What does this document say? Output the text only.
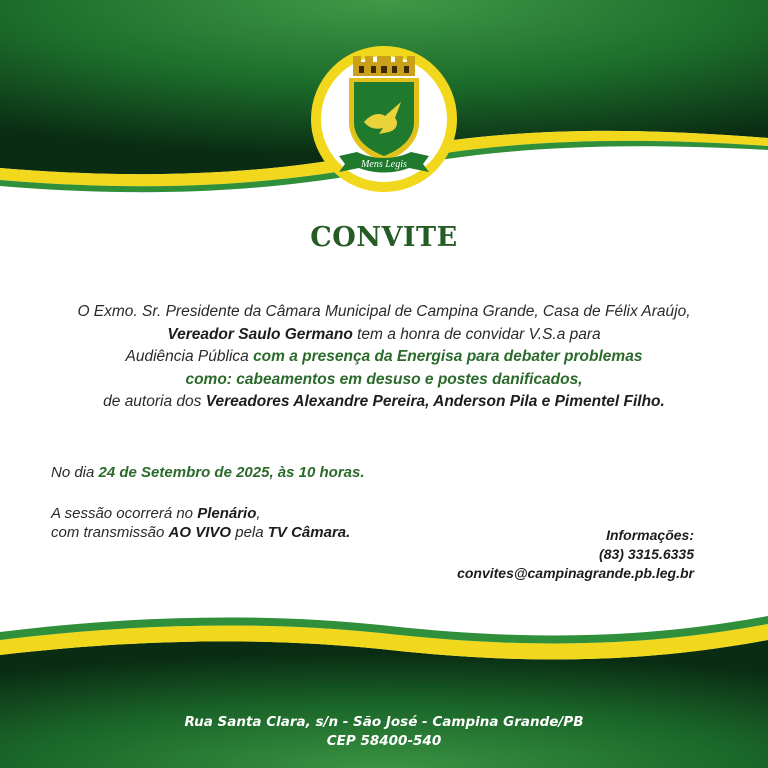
Mens Legis
CONVITE
O Exmo. Sr. Presidente da Câmara Municipal de Campina Grande, Casa de Félix Araújo,
Vereador Saulo Germano tem a honra de convidar V.S.a para
Audiência Pública com a presença da Energisa para debater problemas
como: cabeamentos em desuso e postes danificados,
de autoria dos Vereadores Alexandre Pereira, Anderson Pila e Pimentel Filho.
No dia 24 de Setembro de 2025, às 10 horas.
A sessão ocorrerá no Plenário,
com transmissão AO VIVO pela TV Câmara.	Informações:
(83) 3315.6335
convites@campinagrande.pb.leg.br
Rua Santa Clara, s/n - São José - Campina Grande/PB
CEP 58400-540
